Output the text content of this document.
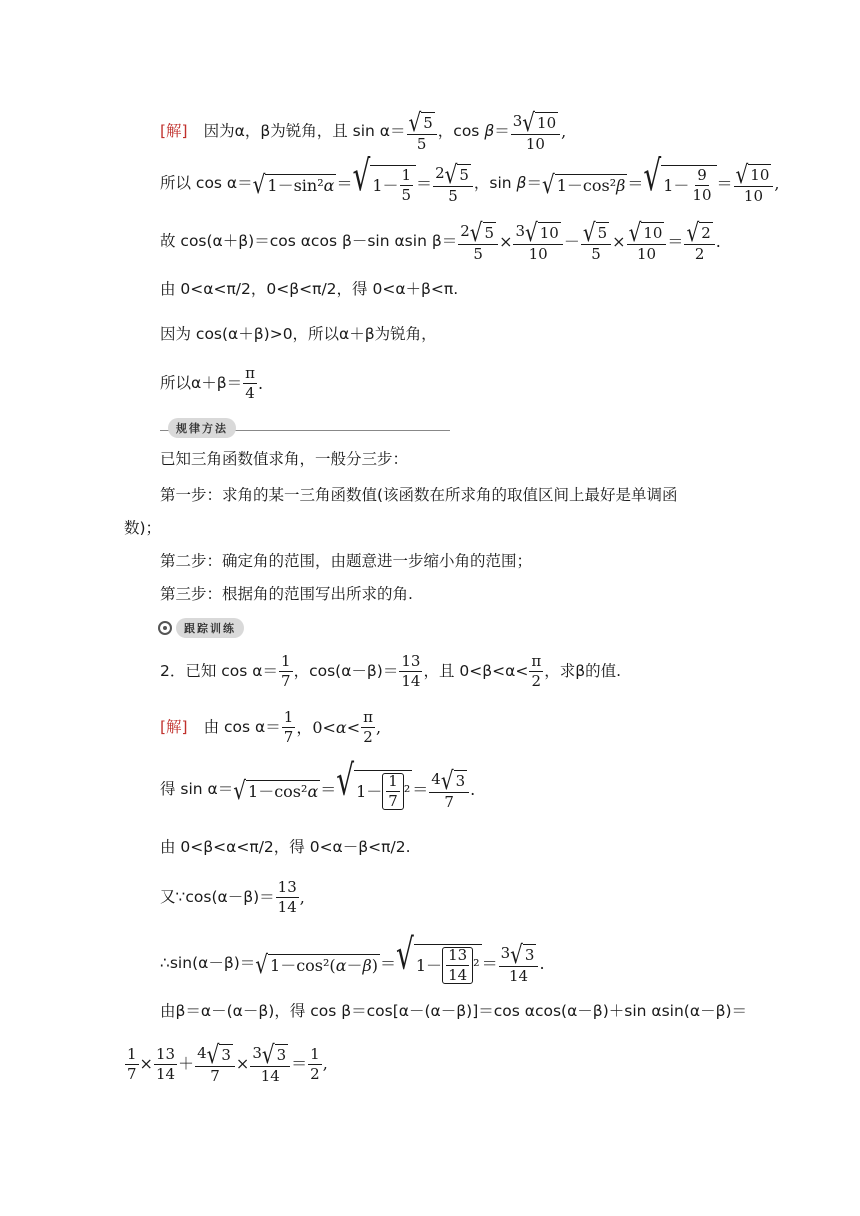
[解] 因为α，β为锐角，且 sin α＝ √ 5
5
，cos β＝
3 √ 10
10
,
所以 cos α＝ √ 1－sin² α ＝ √ 1－
1
5
＝
2 √ 5
5
，sin β＝ √ 1－cos² β ＝ √ 1－
9
10
＝ √ 10
10
,
故 cos(α＋β)＝cos αcos β－sin αsin $\beta= \frac{2 √ 5}{5} \times \frac{3 √ 10}{10} - \frac{√ 5}{5} \times \frac{√ 10}{10}$ ＝ √ 2
2
.
由 0<α<π/2，0<β<π/2，得 0<α＋β<π.
因为 cos(α＋β)>0，所以α＋β为锐角，
所以α＋β＝
π
4
.
规律方法
已知三角函数值求角，一般分三步：
第一步：求角的某一三角函数值(该函数在所求角的取值区间上最好是单调函
数)；
第二步：确定角的范围，由题意进一步缩小角的范围；
第三步：根据角的范围写出所求的角.
跟踪训练
2．已知 cos α＝
1
7
，cos(α－β)＝
13
14
，且 0<β<α<
π
2
，求β的值.
[解] 由 cos α＝
1
7
，0<α<
π
2
,
得 sin α＝ √ 1－cos² α ＝ √ 1－
1
7
² ＝
4 √ 3
7
.
由 0<β<α<π/2，得 0<α－β<π/2.
又∵cos(α－β)＝
13
14
,
∴sin(α－β)＝ √ 1－cos²( α － β ) ＝ √ 1－
13
14
² ＝
3 √ 3
14
.
由β＝α－(α－β)，得 cos β＝cos[α－(α－β)]＝cos αcos(α－β)＋sin αsin(α－β)＝
$\frac{1}{7} \times \frac{13}{14} + \frac{4 √ 3}{7} \times \frac{3 √ 3}{14}$ ＝
1
2
,
